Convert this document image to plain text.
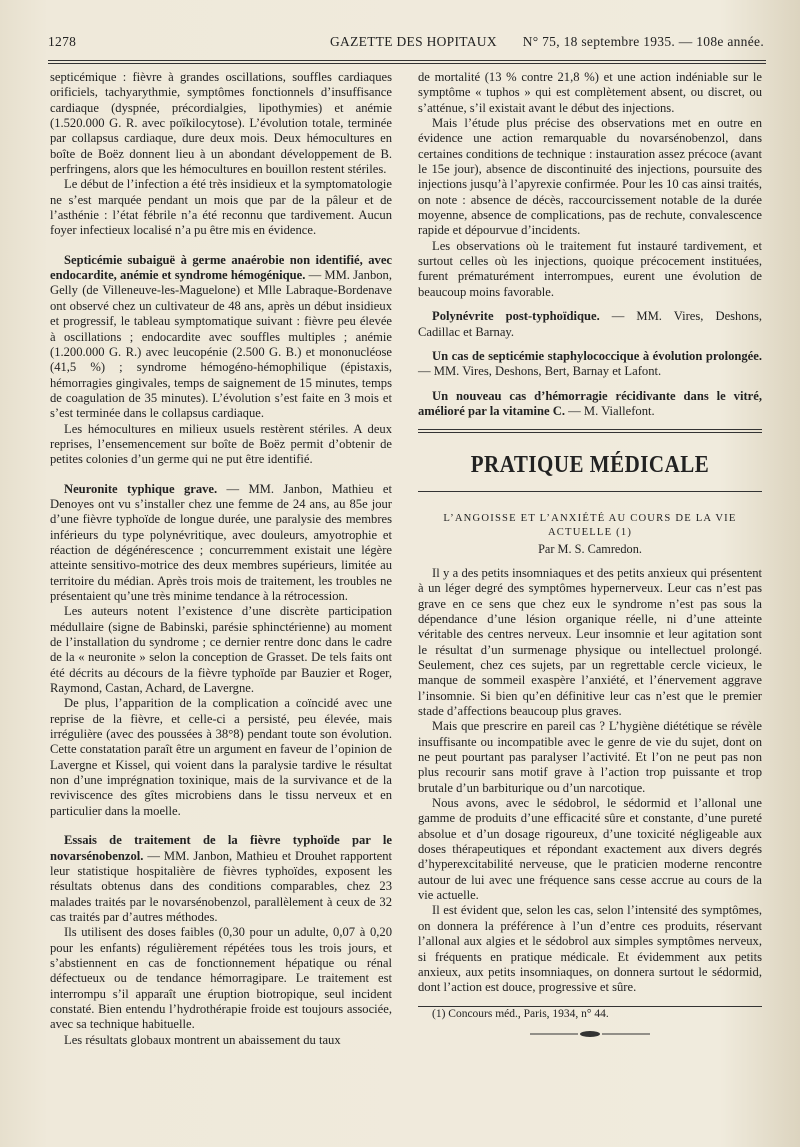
1278	GAZETTE DES HOPITAUX N° 75, 18 septembre 1935. — 108e année.

septicémique : fièvre à grandes oscillations, souffles cardiaques orificiels, tachyarythmie, symptômes fonctionnels d’insuffisance cardiaque (dyspnée, précordialgies, lipothymies) et anémie (1.520.000 G. R. avec poïkilocytose). L’évolution totale, terminée par collapsus cardiaque, dure deux mois. Deux hémocultures en boîte de Boëz donnent lieu à un abondant développement de B. perfringens, alors que les hémocultures en bouillon restent stériles.

Le début de l’infection a été très insidieux et la symptomatologie ne s’est marquée pendant un mois que par de la pâleur et de l’asthénie : l’état fébrile n’a été reconnu que tardivement. Aucun foyer infectieux localisé n’a pu être mis en évidence.

Septicémie subaiguë à germe anaérobie non identifié, avec endocardite, anémie et syndrome hémogénique. — MM. Janbon, Gelly (de Villeneuve-les-Maguelone) et Mlle Labraque-Bordenave ont observé chez un cultivateur de 48 ans, après un début insidieux et progressif, le tableau symptomatique suivant : fièvre peu élevée à oscillations ; endocardite avec souffles multiples ; anémie (1.200.000 G. R.) avec leucopénie (2.500 G. B.) et mononucléose (41,5 %) ; syndrome hémogéno-hémophilique (épistaxis, hémorragies gingivales, temps de saignement de 15 minutes, temps de coagulation de 35 minutes). L’évolution s’est faite en 3 mois et s’est terminée dans le collapsus cardiaque.

Les hémocultures en milieux usuels restèrent stériles. A deux reprises, l’ensemencement sur boîte de Boëz permit d’obtenir de petites colonies d’un germe qui ne put être identifié.

Neuronite typhique grave. — MM. Janbon, Mathieu et Denoyes ont vu s’installer chez une femme de 24 ans, au 85e jour d’une fièvre typhoïde de longue durée, une paralysie des membres inférieurs du type polynévritique, avec douleurs, amyotrophie et réaction de dégénérescence ; concurremment existait une légère atteinte sensitivo-motrice des deux membres supérieurs, limitée au territoire du médian. Après trois mois de traitement, les troubles ne présentaient qu’une très minime tendance à la rétrocession.

Les auteurs notent l’existence d’une discrète participation médullaire (signe de Babinski, parésie sphinctérienne) au moment de l’installation du syndrome ; ce dernier rentre donc dans le cadre de la « neuronite » selon la conception de Grasset. De tels faits ont été décrits au décours de la fièvre typhoïde par Bauzier et Roger, Raymond, Castan, Achard, de Lavergne.

De plus, l’apparition de la complication a coïncidé avec une reprise de la fièvre, et celle-ci a persisté, peu élevée, mais irrégulière (avec des poussées à 38°8) pendant toute son évolution. Cette constatation paraît être un argument en faveur de l’opinion de Lavergne et Kissel, qui voient dans la paralysie tardive le résultat non d’une imprégnation toxinique, mais de la survivance et de la reviviscence des gîtes microbiens dans le tissu nerveux et en particulier dans la moelle.

Essais de traitement de la fièvre typhoïde par le novarsénobenzol. — MM. Janbon, Mathieu et Drouhet rapportent leur statistique hospitalière de fièvres typhoïdes, exposent les résultats obtenus dans des conditions comparables, chez 23 malades traités par le novarsénobenzol, parallèlement à ceux de 32 cas traités par d’autres méthodes.

Ils utilisent des doses faibles (0,30 pour un adulte, 0,07 à 0,20 pour les enfants) régulièrement répétées tous les trois jours, et s’abstiennent en cas de fonctionnement hépatique ou rénal défectueux ou de tendance hémorragipare. Le traitement est interrompu s’il apparaît une éruption biotropique, seul incident constaté. Bien entendu l’hydrothérapie froide est toujours associée, avec sa technique habituelle.

Les résultats globaux montrent un abaissement du taux

de mortalité (13 % contre 21,8 %) et une action indéniable sur le symptôme « tuphos » qui est complètement absent, ou discret, ou s’atténue, s’il existait avant le début des injections.

Mais l’étude plus précise des observations met en outre en évidence une action remarquable du novarsénobenzol, dans certaines conditions de technique : instauration assez précoce (avant le 15e jour), absence de discontinuité des injections, poursuite des injections jusqu’à l’apyrexie confirmée. Pour les 10 cas ainsi traités, on note : absence de décès, raccourcissement notable de la durée moyenne, absence de complications, pas de rechute, convalescence rapide et dépourvue d’incidents.

Les observations où le traitement fut instauré tardivement, et surtout celles où les injections, quoique précocement instituées, furent prématurément interrompues, eurent une évolution de beaucoup moins favorable.

Polynévrite post-typhoïdique. — MM. Vires, Deshons, Cadillac et Barnay.

Un cas de septicémie staphylococcique à évolution prolongée. — MM. Vires, Deshons, Bert, Barnay et Lafont.

Un nouveau cas d’hémorragie récidivante dans le vitré, amélioré par la vitamine C. — M. Viallefont.

PRATIQUE MÉDICALE
L’ANGOISSE ET L’ANXIÉTÉ AU COURS DE LA VIE ACTUELLE (1)
Par M. S. Camredon.

Il y a des petits insomniaques et des petits anxieux qui présentent à un léger degré des symptômes hypernerveux. Leur cas n’est pas grave en ce sens que chez eux le syndrome n’est pas sous la dépendance d’une lésion organique réelle, ni d’une atteinte véritable des centres nerveux. Leur insomnie et leur agitation sont le résultat d’un surmenage physique ou intellectuel prolongé. Seulement, chez ces sujets, par un regrettable cercle vicieux, le manque de sommeil exaspère l’anxiété, et l’énervement aggrave l’insomnie. Si bien qu’en définitive leur cas n’est que le premier stade d’affections beaucoup plus graves.

Mais que prescrire en pareil cas ? L’hygiène diététique se révèle insuffisante ou incompatible avec le genre de vie du sujet, dont on ne peut pourtant pas paralyser l’activité. Et l’on ne peut pas non plus recourir sans motif grave à l’action trop puissante et trop brutale d’un barbiturique ou d’un narcotique.

Nous avons, avec le sédobrol, le sédormid et l’allonal une gamme de produits d’une efficacité sûre et constante, d’une pureté absolue et d’un dosage rigoureux, d’une toxicité négligeable aux doses thérapeutiques et répondant exactement aux divers degrés d’hyperexcitabilité nerveuse, que le praticien moderne rencontre autour de lui avec une fréquence sans cesse accrue au cours de la vie actuelle.

Il est évident que, selon les cas, selon l’intensité des symptômes, on donnera la préférence à l’un d’entre ces produits, réservant l’allonal aux algies et le sédobrol aux simples symptômes nerveux, si fréquents en pratique médicale. Et évidemment aux petits anxieux, aux petits insomniaques, on donnera surtout le sédormid, dont l’action est douce, progressive et sûre.

(1) Concours méd., Paris, 1934, n° 44.
